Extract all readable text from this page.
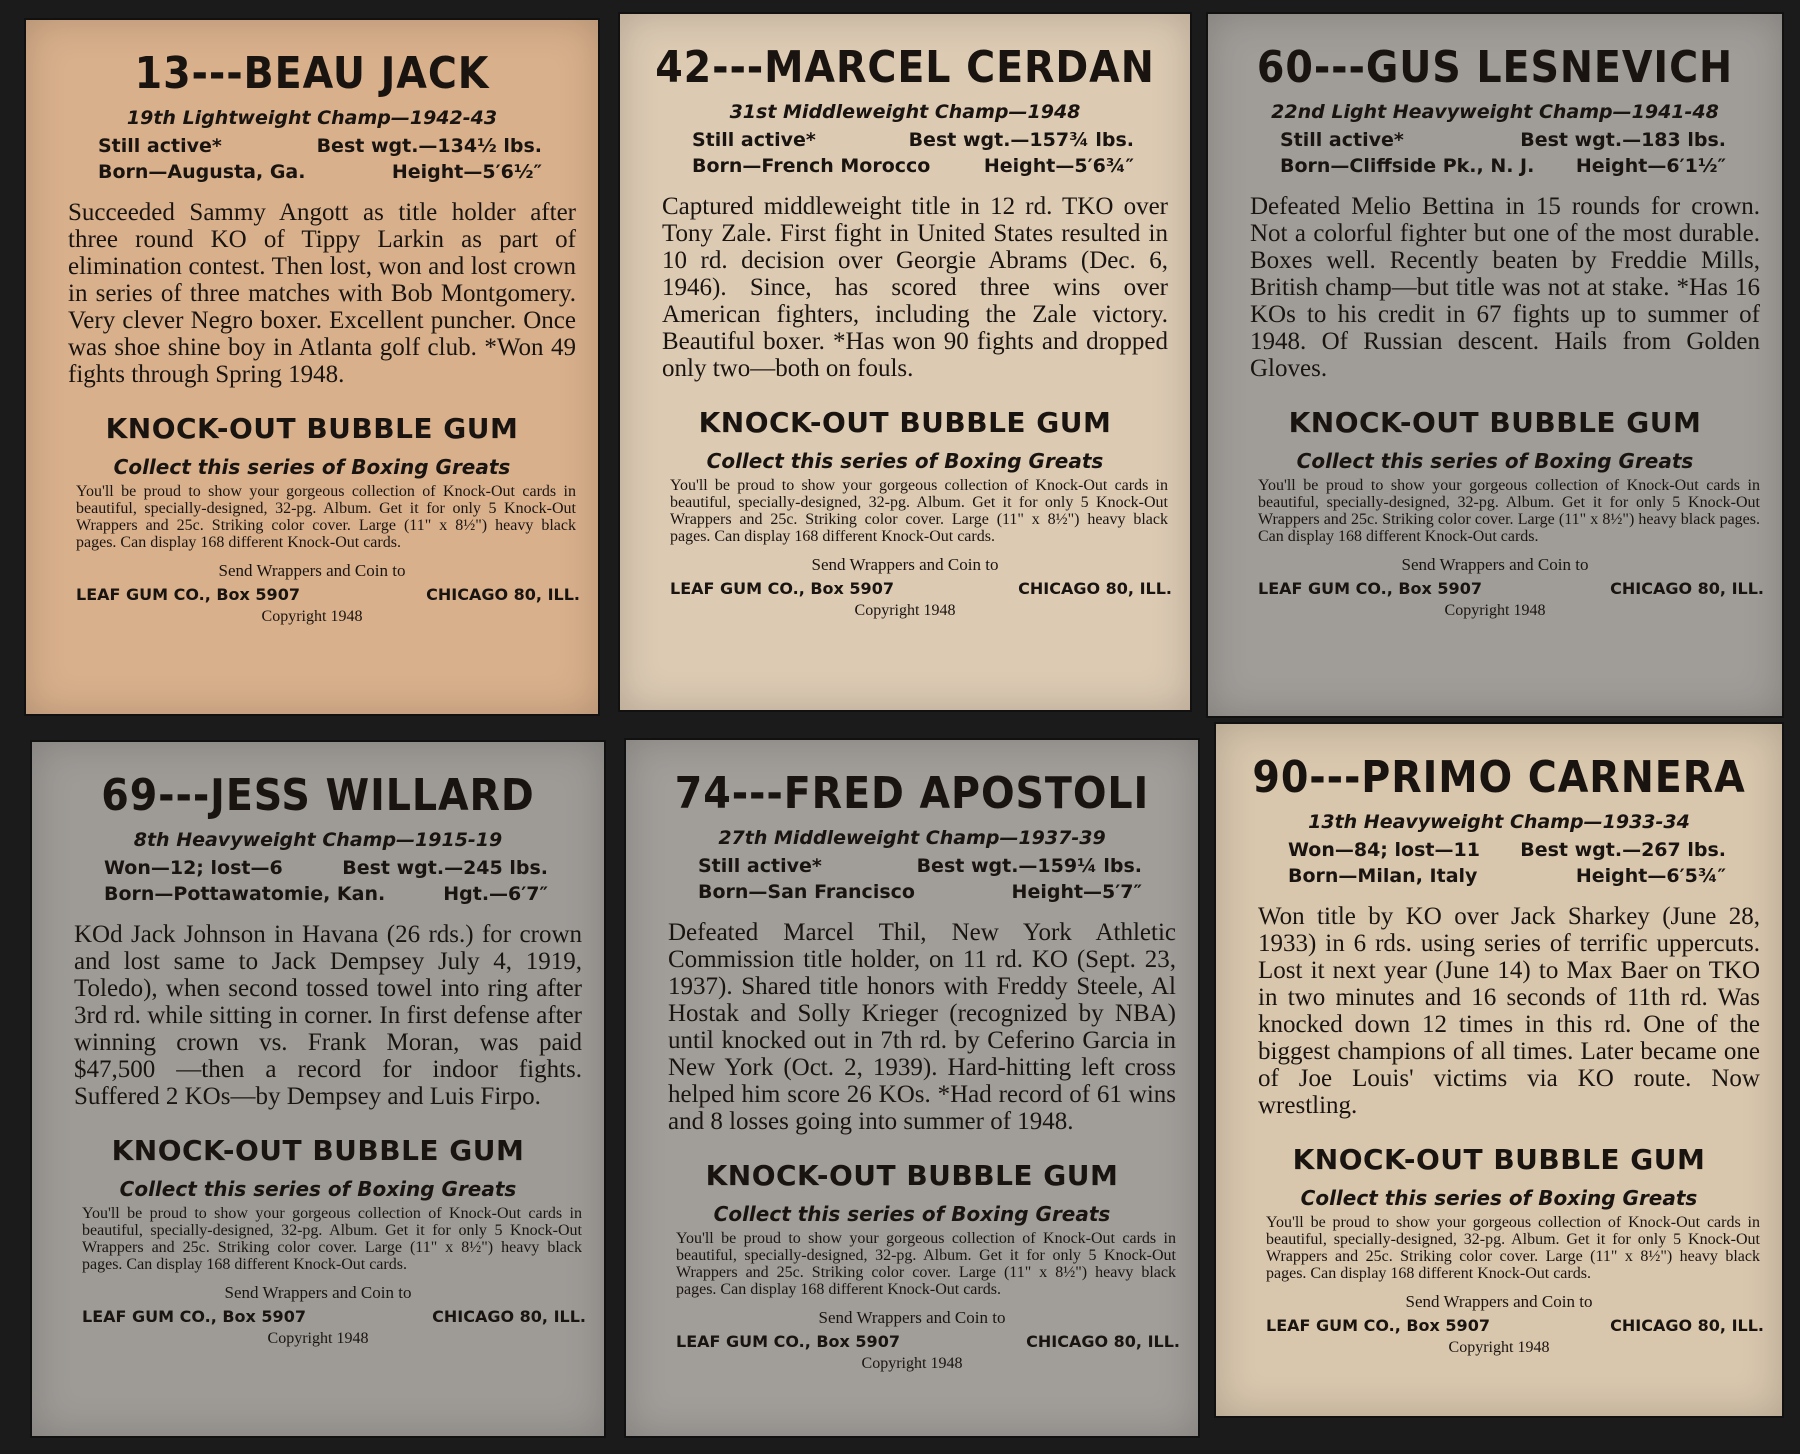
13---BEAU JACK
19th Lightweight Champ—1942-43
Still active*	Best wgt.—134½ lbs.
Born—Augusta, Ga.	Height—5′6½″
Succeeded Sammy Angott as title holder after three round KO of Tippy Larkin as part of elimination contest. Then lost, won and lost crown in series of three matches with Bob Montgomery. Very clever Negro boxer. Excellent puncher. Once was shoe shine boy in Atlanta golf club. *Won 49 fights through Spring 1948.
KNOCK-OUT BUBBLE GUM
Collect this series of Boxing Greats
You'll be proud to show your gorgeous collection of Knock-Out cards in beautiful, specially-designed, 32-pg. Album. Get it for only 5 Knock-Out Wrappers and 25c. Striking color cover. Large (11" x 8½") heavy black pages. Can display 168 different Knock-Out cards.
Send Wrappers and Coin to
LEAF GUM CO., Box 5907	CHICAGO 80, ILL.
Copyright 1948
42---MARCEL CERDAN
31st Middleweight Champ—1948
Still active*	Best wgt.—157¾ lbs.
Born—French Morocco	Height—5′6¾″
Captured middleweight title in 12 rd. TKO over Tony Zale. First fight in United States resulted in 10 rd. decision over Georgie Abrams (Dec. 6, 1946). Since, has scored three wins over American fighters, including the Zale victory. Beautiful boxer. *Has won 90 fights and dropped only two—both on fouls.
KNOCK-OUT BUBBLE GUM
Collect this series of Boxing Greats
You'll be proud to show your gorgeous collection of Knock-Out cards in beautiful, specially-designed, 32-pg. Album. Get it for only 5 Knock-Out Wrappers and 25c. Striking color cover. Large (11" x 8½") heavy black pages. Can display 168 different Knock-Out cards.
Send Wrappers and Coin to
LEAF GUM CO., Box 5907	CHICAGO 80, ILL.
Copyright 1948
60---GUS LESNEVICH
22nd Light Heavyweight Champ—1941-48
Still active*	Best wgt.—183 lbs.
Born—Cliffside Pk., N. J. Height—6′1½″
Defeated Melio Bettina in 15 rounds for crown. Not a colorful fighter but one of the most durable. Boxes well. Recently beaten by Freddie Mills, British champ—but title was not at stake. *Has 16 KOs to his credit in 67 fights up to summer of 1948. Of Russian descent. Hails from Golden Gloves.
KNOCK-OUT BUBBLE GUM
Collect this series of Boxing Greats
You'll be proud to show your gorgeous collection of Knock-Out cards in beautiful, specially-designed, 32-pg. Album. Get it for only 5 Knock-Out Wrappers and 25c. Striking color cover. Large (11" x 8½") heavy black pages. Can display 168 different Knock-Out cards.
Send Wrappers and Coin to
LEAF GUM CO., Box 5907	CHICAGO 80, ILL.
Copyright 1948
69---JESS WILLARD
8th Heavyweight Champ—1915-19
Won—12; lost—6	Best wgt.—245 lbs.
Born—Pottawatomie, Kan.	Hgt.—6′7″
KOd Jack Johnson in Havana (26 rds.) for crown and lost same to Jack Dempsey July 4, 1919, Toledo), when second tossed towel into ring after 3rd rd. while sitting in corner. In first defense after winning crown vs. Frank Moran, was paid $47,500 —then a record for indoor fights. Suffered 2 KOs—by Dempsey and Luis Firpo.
KNOCK-OUT BUBBLE GUM
Collect this series of Boxing Greats
You'll be proud to show your gorgeous collection of Knock-Out cards in beautiful, specially-designed, 32-pg. Album. Get it for only 5 Knock-Out Wrappers and 25c. Striking color cover. Large (11" x 8½") heavy black pages. Can display 168 different Knock-Out cards.
Send Wrappers and Coin to
LEAF GUM CO., Box 5907	CHICAGO 80, ILL.
Copyright 1948
74---FRED APOSTOLI
27th Middleweight Champ—1937-39
Still active*	Best wgt.—159¼ lbs.
Born—San Francisco	Height—5′7″
Defeated Marcel Thil, New York Athletic Commission title holder, on 11 rd. KO (Sept. 23, 1937). Shared title honors with Freddy Steele, Al Hostak and Solly Krieger (recognized by NBA) until knocked out in 7th rd. by Ceferino Garcia in New York (Oct. 2, 1939). Hard-hitting left cross helped him score 26 KOs. *Had record of 61 wins and 8 losses going into summer of 1948.
KNOCK-OUT BUBBLE GUM
Collect this series of Boxing Greats
You'll be proud to show your gorgeous collection of Knock-Out cards in beautiful, specially-designed, 32-pg. Album. Get it for only 5 Knock-Out Wrappers and 25c. Striking color cover. Large (11" x 8½") heavy black pages. Can display 168 different Knock-Out cards.
Send Wrappers and Coin to
LEAF GUM CO., Box 5907	CHICAGO 80, ILL.
Copyright 1948
90---PRIMO CARNERA
13th Heavyweight Champ—1933-34
Won—84; lost—11 Best wgt.—267 lbs.
Born—Milan, Italy	Height—6′5¾″
Won title by KO over Jack Sharkey (June 28, 1933) in 6 rds. using series of terrific uppercuts. Lost it next year (June 14) to Max Baer on TKO in two minutes and 16 seconds of 11th rd. Was knocked down 12 times in this rd. One of the biggest champions of all times. Later became one of Joe Louis' victims via KO route. Now wrestling.
KNOCK-OUT BUBBLE GUM
Collect this series of Boxing Greats
You'll be proud to show your gorgeous collection of Knock-Out cards in beautiful, specially-designed, 32-pg. Album. Get it for only 5 Knock-Out Wrappers and 25c. Striking color cover. Large (11" x 8½") heavy black pages. Can display 168 different Knock-Out cards.
Send Wrappers and Coin to
LEAF GUM CO., Box 5907	CHICAGO 80, ILL.
Copyright 1948
